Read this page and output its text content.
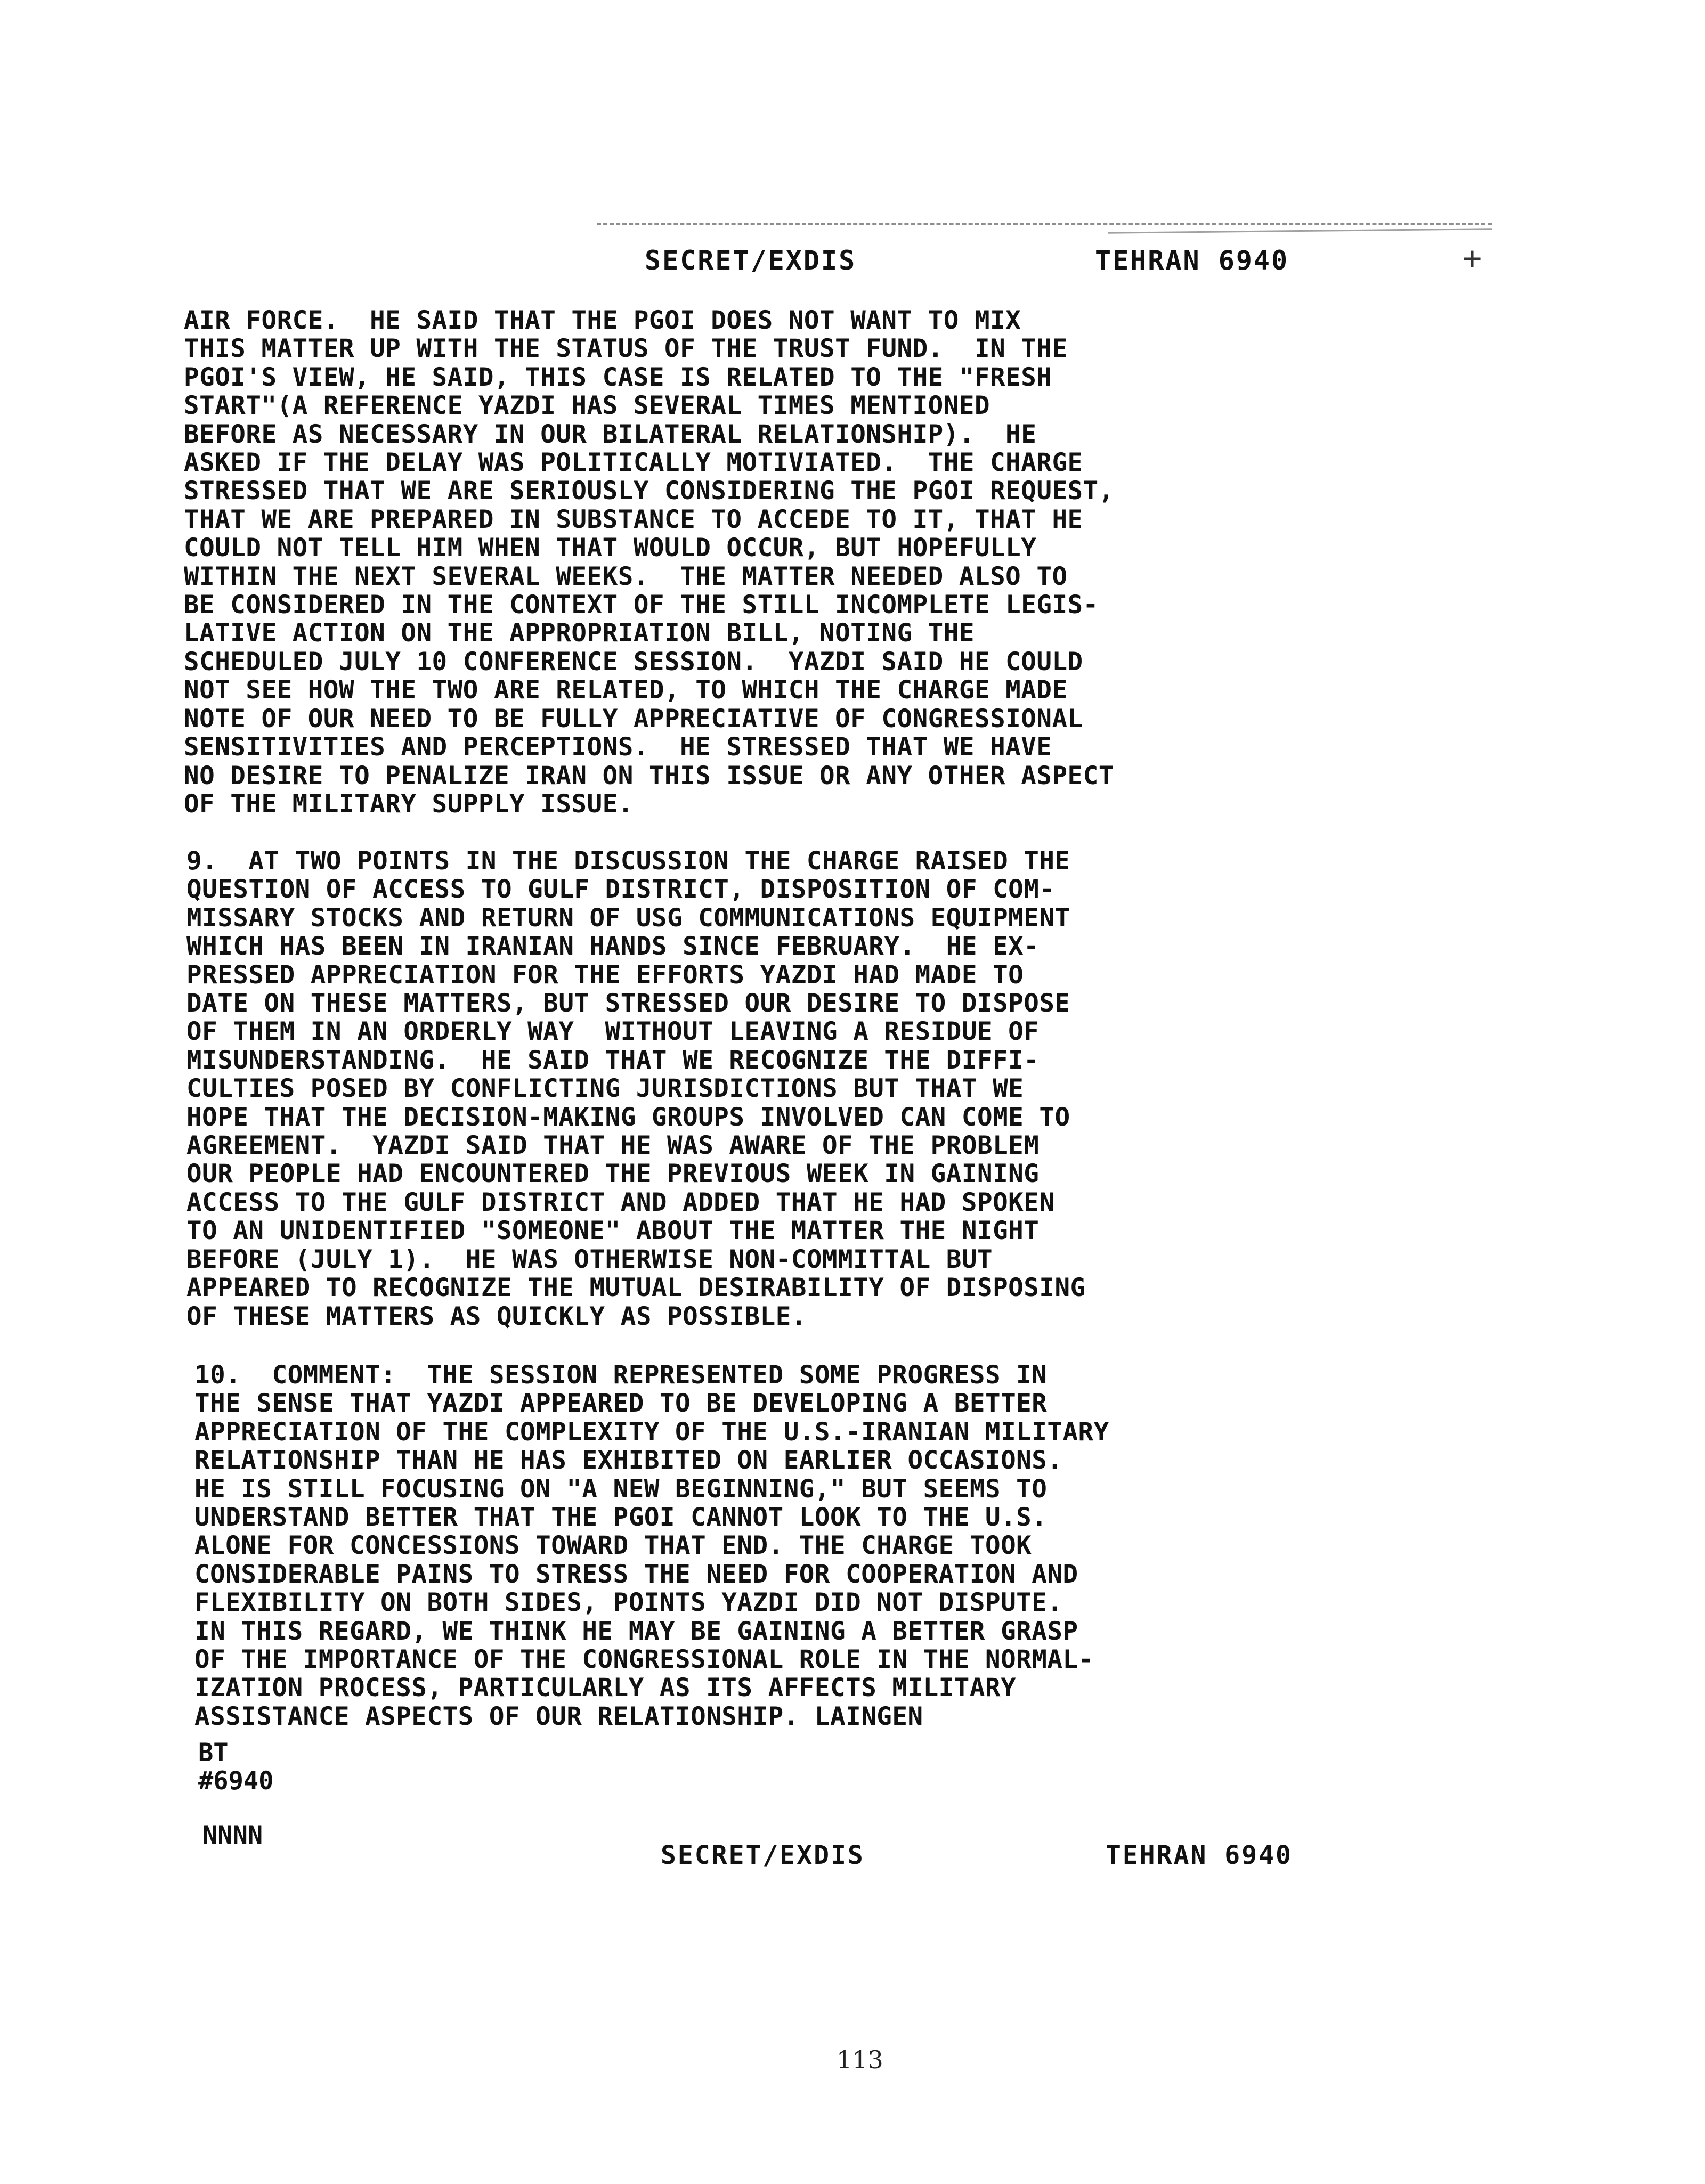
SECRET/EXDIS	TEHRAN 6940	+
AIR FORCE.  HE SAID THAT THE PGOI DOES NOT WANT TO MIX
THIS MATTER UP WITH THE STATUS OF THE TRUST FUND.  IN THE
PGOI'S VIEW, HE SAID, THIS CASE IS RELATED TO THE "FRESH
START"(A REFERENCE YAZDI HAS SEVERAL TIMES MENTIONED
BEFORE AS NECESSARY IN OUR BILATERAL RELATIONSHIP).  HE
ASKED IF THE DELAY WAS POLITICALLY MOTIVIATED.  THE CHARGE
STRESSED THAT WE ARE SERIOUSLY CONSIDERING THE PGOI REQUEST,
THAT WE ARE PREPARED IN SUBSTANCE TO ACCEDE TO IT, THAT HE
COULD NOT TELL HIM WHEN THAT WOULD OCCUR, BUT HOPEFULLY
WITHIN THE NEXT SEVERAL WEEKS.  THE MATTER NEEDED ALSO TO
BE CONSIDERED IN THE CONTEXT OF THE STILL INCOMPLETE LEGIS-
LATIVE ACTION ON THE APPROPRIATION BILL, NOTING THE
SCHEDULED JULY 10 CONFERENCE SESSION.  YAZDI SAID HE COULD
NOT SEE HOW THE TWO ARE RELATED, TO WHICH THE CHARGE MADE
NOTE OF OUR NEED TO BE FULLY APPRECIATIVE OF CONGRESSIONAL
SENSITIVITIES AND PERCEPTIONS.  HE STRESSED THAT WE HAVE
NO DESIRE TO PENALIZE IRAN ON THIS ISSUE OR ANY OTHER ASPECT
OF THE MILITARY SUPPLY ISSUE.
9.  AT TWO POINTS IN THE DISCUSSION THE CHARGE RAISED THE
QUESTION OF ACCESS TO GULF DISTRICT, DISPOSITION OF COM-
MISSARY STOCKS AND RETURN OF USG COMMUNICATIONS EQUIPMENT
WHICH HAS BEEN IN IRANIAN HANDS SINCE FEBRUARY.  HE EX-
PRESSED APPRECIATION FOR THE EFFORTS YAZDI HAD MADE TO
DATE ON THESE MATTERS, BUT STRESSED OUR DESIRE TO DISPOSE
OF THEM IN AN ORDERLY WAY  WITHOUT LEAVING A RESIDUE OF
MISUNDERSTANDING.  HE SAID THAT WE RECOGNIZE THE DIFFI-
CULTIES POSED BY CONFLICTING JURISDICTIONS BUT THAT WE
HOPE THAT THE DECISION-MAKING GROUPS INVOLVED CAN COME TO
AGREEMENT.  YAZDI SAID THAT HE WAS AWARE OF THE PROBLEM
OUR PEOPLE HAD ENCOUNTERED THE PREVIOUS WEEK IN GAINING
ACCESS TO THE GULF DISTRICT AND ADDED THAT HE HAD SPOKEN
TO AN UNIDENTIFIED "SOMEONE" ABOUT THE MATTER THE NIGHT
BEFORE (JULY 1).  HE WAS OTHERWISE NON-COMMITTAL BUT
APPEARED TO RECOGNIZE THE MUTUAL DESIRABILITY OF DISPOSING
OF THESE MATTERS AS QUICKLY AS POSSIBLE.
10.  COMMENT:  THE SESSION REPRESENTED SOME PROGRESS IN
THE SENSE THAT YAZDI APPEARED TO BE DEVELOPING A BETTER
APPRECIATION OF THE COMPLEXITY OF THE U.S.-IRANIAN MILITARY
RELATIONSHIP THAN HE HAS EXHIBITED ON EARLIER OCCASIONS.
HE IS STILL FOCUSING ON "A NEW BEGINNING," BUT SEEMS TO
UNDERSTAND BETTER THAT THE PGOI CANNOT LOOK TO THE U.S.
ALONE FOR CONCESSIONS TOWARD THAT END. THE CHARGE TOOK
CONSIDERABLE PAINS TO STRESS THE NEED FOR COOPERATION AND
FLEXIBILITY ON BOTH SIDES, POINTS YAZDI DID NOT DISPUTE.
IN THIS REGARD, WE THINK HE MAY BE GAINING A BETTER GRASP
OF THE IMPORTANCE OF THE CONGRESSIONAL ROLE IN THE NORMAL-
IZATION PROCESS, PARTICULARLY AS ITS AFFECTS MILITARY
ASSISTANCE ASPECTS OF OUR RELATIONSHIP. LAINGEN
BT
#6940
NNNN
SECRET/EXDIS	TEHRAN 6940
113
